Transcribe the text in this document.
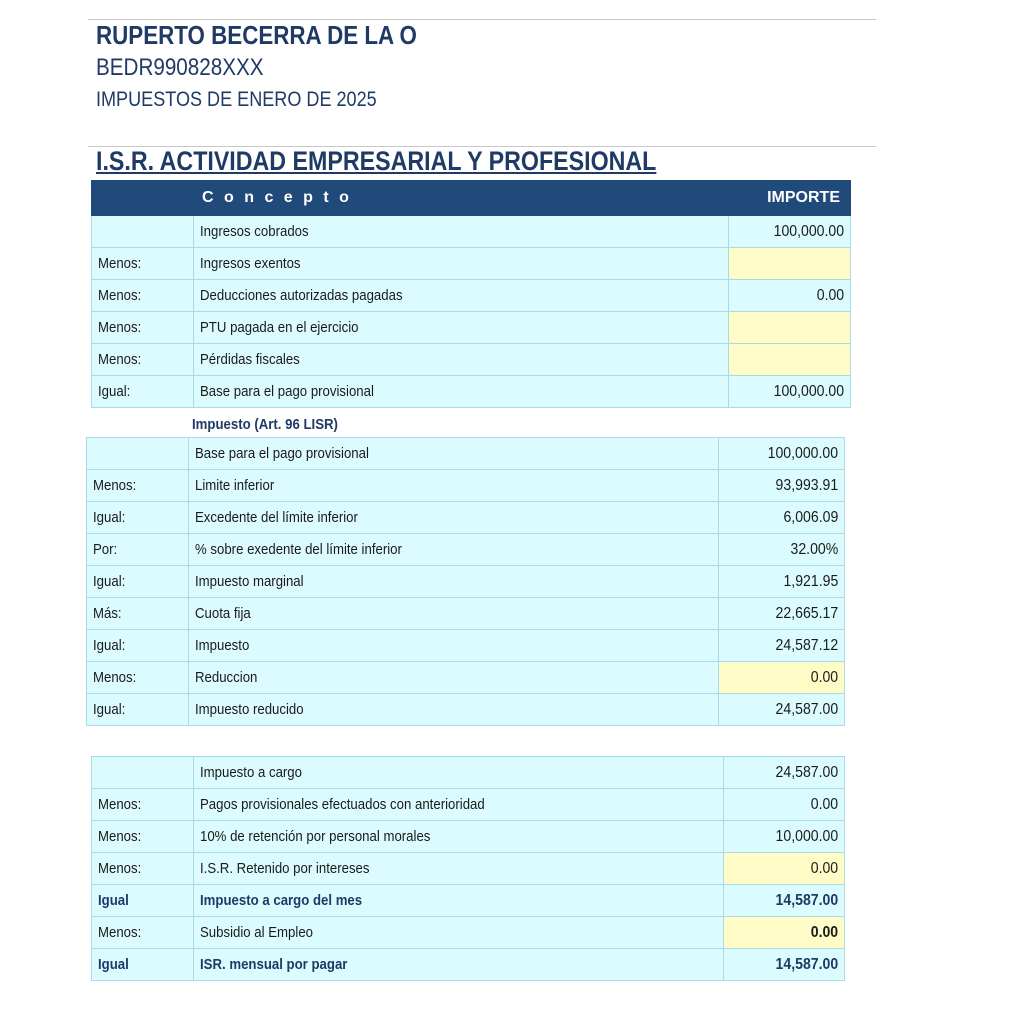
RUPERTO BECERRA DE LA O
BEDR990828XXX
IMPUESTOS DE ENERO DE 2025
I.S.R. ACTIVIDAD EMPRESARIAL Y PROFESIONAL
	C o n c e p t o	IMPORTE
	Ingresos cobrados	100,000.00
Menos:	Ingresos exentos	
Menos:	Deducciones autorizadas pagadas	0.00
Menos:	PTU pagada en el ejercicio	
Menos:	Pérdidas fiscales	
Igual:	Base para el pago provisional	100,000.00
Impuesto (Art. 96 LISR)
	Base para el pago provisional	100,000.00
Menos:	Limite inferior	93,993.91
Igual:	Excedente del límite inferior	6,006.09
Por:	% sobre exedente del límite inferior	32.00%
Igual:	Impuesto marginal	1,921.95
Más:	Cuota fija	22,665.17
Igual:	Impuesto	24,587.12
Menos:	Reduccion	0.00
Igual:	Impuesto reducido	24,587.00
	Impuesto a cargo	24,587.00
Menos:	Pagos provisionales efectuados con anterioridad	0.00
Menos:	10% de retención por personal morales	10,000.00
Menos:	I.S.R. Retenido por intereses	0.00
Igual	Impuesto a cargo del mes	14,587.00
Menos:	Subsidio al Empleo	0.00
Igual	ISR. mensual por pagar	14,587.00
